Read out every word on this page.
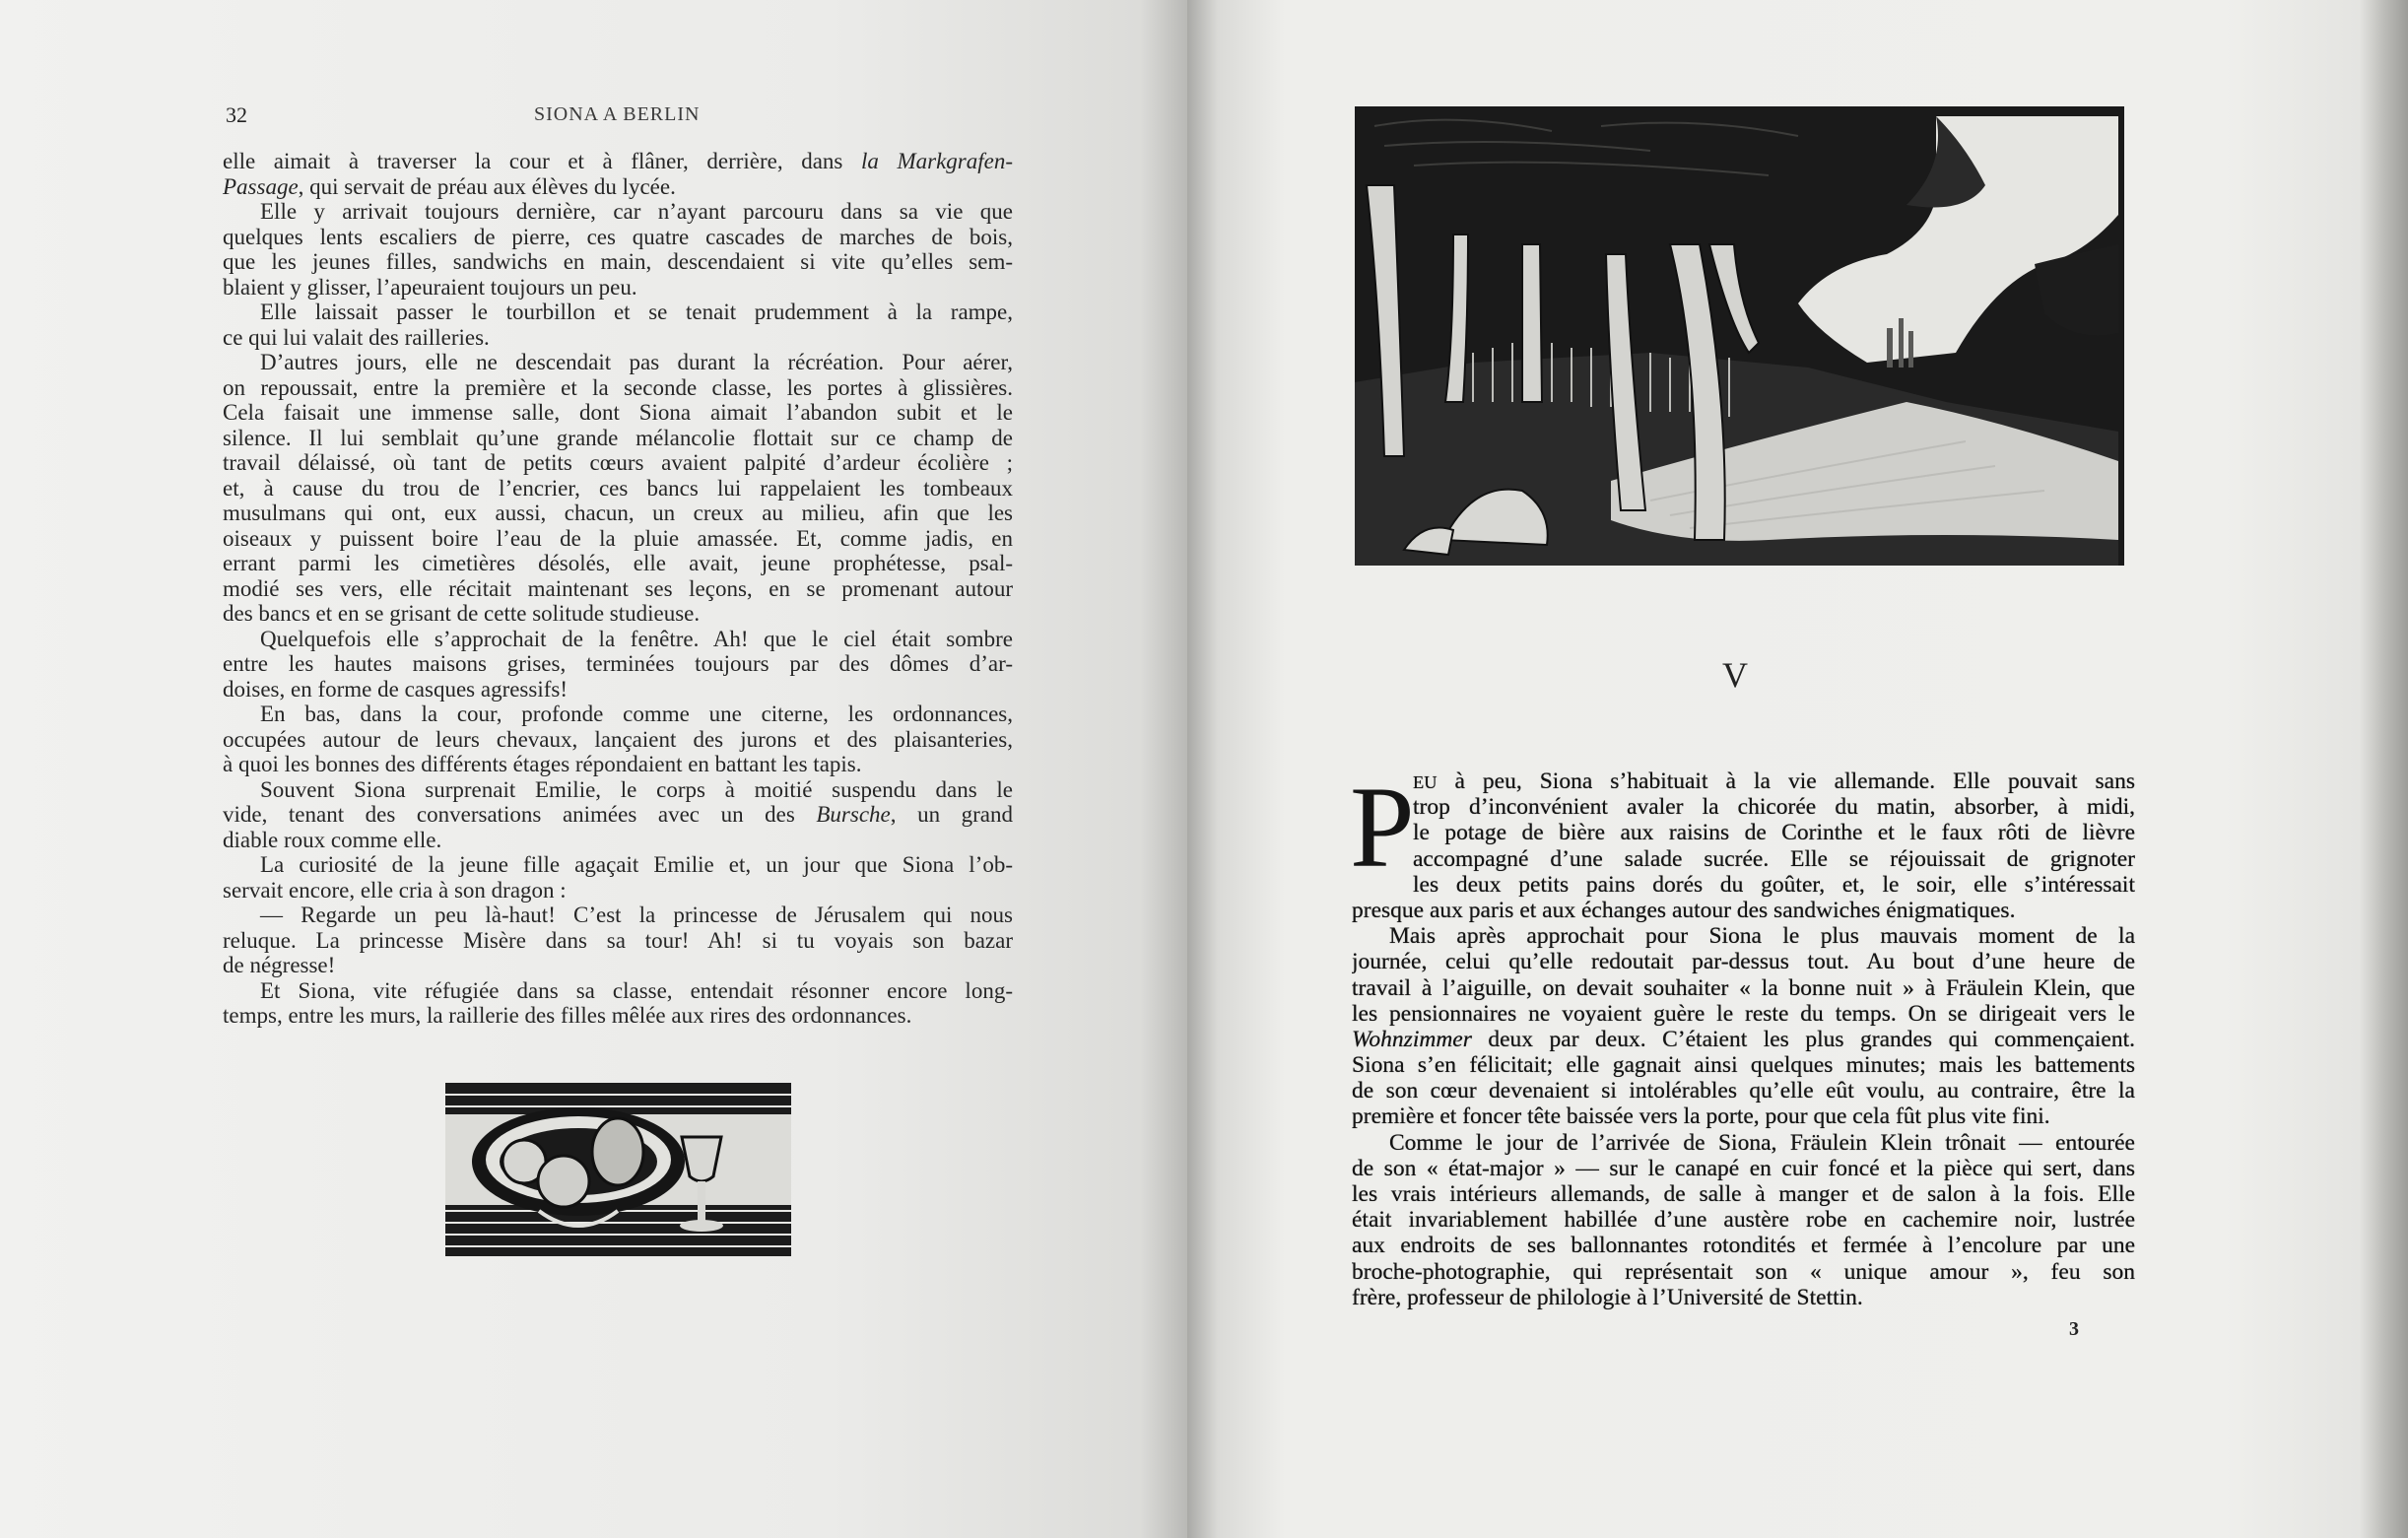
32	SIONA A BERLIN
V
3
P
elle aimait à traverser la cour et à flâner, derrière, dans la Markgrafen-
Passage, qui servait de préau aux élèves du lycée.
Elle y arrivait toujours dernière, car n’ayant parcouru dans sa vie que
quelques lents escaliers de pierre, ces quatre cascades de marches de bois,
que les jeunes filles, sandwichs en main, descendaient si vite qu’elles sem-
blaient y glisser, l’apeuraient toujours un peu.
Elle laissait passer le tourbillon et se tenait prudemment à la rampe,
ce qui lui valait des railleries.
D’autres jours, elle ne descendait pas durant la récréation. Pour aérer,
on repoussait, entre la première et la seconde classe, les portes à glissières.
Cela faisait une immense salle, dont Siona aimait l’abandon subit et le
silence. Il lui semblait qu’une grande mélancolie flottait sur ce champ de
travail délaissé, où tant de petits cœurs avaient palpité d’ardeur écolière ;
et, à cause du trou de l’encrier, ces bancs lui rappelaient les tombeaux
musulmans qui ont, eux aussi, chacun, un creux au milieu, afin que les
oiseaux y puissent boire l’eau de la pluie amassée. Et, comme jadis, en
errant parmi les cimetières désolés, elle avait, jeune prophétesse, psal-
modié ses vers, elle récitait maintenant ses leçons, en se promenant autour
des bancs et en se grisant de cette solitude studieuse.
Quelquefois elle s’approchait de la fenêtre. Ah! que le ciel était sombre
entre les hautes maisons grises, terminées toujours par des dômes d’ar-
doises, en forme de casques agressifs!
En bas, dans la cour, profonde comme une citerne, les ordonnances,
occupées autour de leurs chevaux, lançaient des jurons et des plaisanteries,
à quoi les bonnes des différents étages répondaient en battant les tapis.
Souvent Siona surprenait Emilie, le corps à moitié suspendu dans le
vide, tenant des conversations animées avec un des Bursche, un grand
diable roux comme elle.
La curiosité de la jeune fille agaçait Emilie et, un jour que Siona l’ob-
servait encore, elle cria à son dragon :
— Regarde un peu là-haut! C’est la princesse de Jérusalem qui nous
reluque. La princesse Misère dans sa tour! Ah! si tu voyais son bazar
de négresse!
Et Siona, vite réfugiée dans sa classe, entendait résonner encore long-
temps, entre les murs, la raillerie des filles mêlée aux rires des ordonnances.
EU à peu, Siona s’habituait à la vie allemande. Elle pouvait sans
trop d’inconvénient avaler la chicorée du matin, absorber, à midi,
le potage de bière aux raisins de Corinthe et le faux rôti de lièvre
accompagné d’une salade sucrée. Elle se réjouissait de grignoter
les deux petits pains dorés du goûter, et, le soir, elle s’intéressait
presque aux paris et aux échanges autour des sandwiches énigmatiques.
Mais après approchait pour Siona le plus mauvais moment de la
journée, celui qu’elle redoutait par-dessus tout. Au bout d’une heure de
travail à l’aiguille, on devait souhaiter « la bonne nuit » à Fräulein Klein, que
les pensionnaires ne voyaient guère le reste du temps. On se dirigeait vers le
Wohnzimmer deux par deux. C’étaient les plus grandes qui commençaient.
Siona s’en félicitait; elle gagnait ainsi quelques minutes; mais les battements
de son cœur devenaient si intolérables qu’elle eût voulu, au contraire, être la
première et foncer tête baissée vers la porte, pour que cela fût plus vite fini.
Comme le jour de l’arrivée de Siona, Fräulein Klein trônait — entourée
de son « état-major » — sur le canapé en cuir foncé et la pièce qui sert, dans
les vrais intérieurs allemands, de salle à manger et de salon à la fois. Elle
était invariablement habillée d’une austère robe en cachemire noir, lustrée
aux endroits de ses ballonnantes rotondités et fermée à l’encolure par une
broche-photographie, qui représentait son « unique amour », feu son
frère, professeur de philologie à l’Université de Stettin.
